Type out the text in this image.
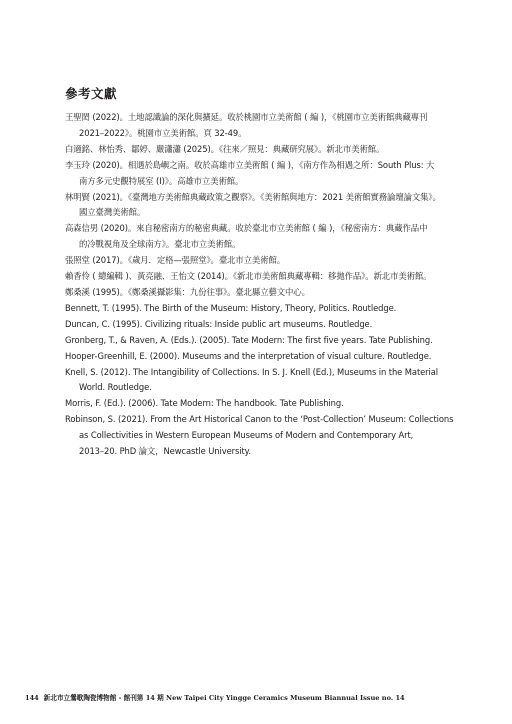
參考文獻
王聖閎 (2022)。土地認識論的深化與擴延。收於桃園市立美術館 ( 編 )，《桃園市立美術館典藏專刊
2021–2022》。桃園市立美術館。頁 32-49。
白適銘、林怡秀、鄒婷、嚴瀟瀟 (2025)。《往來／照見：典藏研究展》。新北市美術館。
李玉玲 (2020)。相遇於島嶼之南。收於高雄市立美術館 ( 編 )，《南方作為相遇之所：South Plus: 大
南方多元史觀特展室 (I)》。高雄市立美術館。
林明賢 (2021)。《臺灣地方美術館典藏政策之觀察》。《美術館與地方：2021 美術館實務論壇論文集》。
國立臺灣美術館。
高森信男 (2020)。來自秘密南方的秘密典藏。收於臺北市立美術館 ( 編 )，《秘密南方：典藏作品中
的冷戰視角及全球南方》。臺北市立美術館。
張照堂 (2017)。《歲月．定格—張照堂》。臺北市立美術館。
賴香伶 ( 總編輯 )、黃亮融、王怡文 (2014)。《新北市美術館典藏專輯：移拋作品》。新北市美術館。
鄭桑溪 (1995)。《鄭桑溪攝影集：九份往事》。臺北縣立藝文中心。
Bennett, T. (1995). The Birth of the Museum: History, Theory, Politics. Routledge.
Duncan, C. (1995). Civilizing rituals: Inside public art museums. Routledge.
Gronberg, T., & Raven, A. (Eds.). (2005). Tate Modern: The first five years. Tate Publishing.
Hooper-Greenhill, E. (2000). Museums and the interpretation of visual culture. Routledge.
Knell, S. (2012). The Intangibility of Collections. In S. J. Knell (Ed.), Museums in the Material
World. Routledge.
Morris, F. (Ed.). (2006). Tate Modern: The handbook. Tate Publishing.
Robinson, S. (2021). From the Art Historical Canon to the ‘Post-Collection’ Museum: Collections
as Collectivities in Western European Museums of Modern and Contemporary Art,
2013–20. PhD 論文，Newcastle University.
144 新北市立鶯歌陶瓷博物館 - 館刊第 14 期 New Taipei City Yingge Ceramics Museum Biannual Issue no. 14
